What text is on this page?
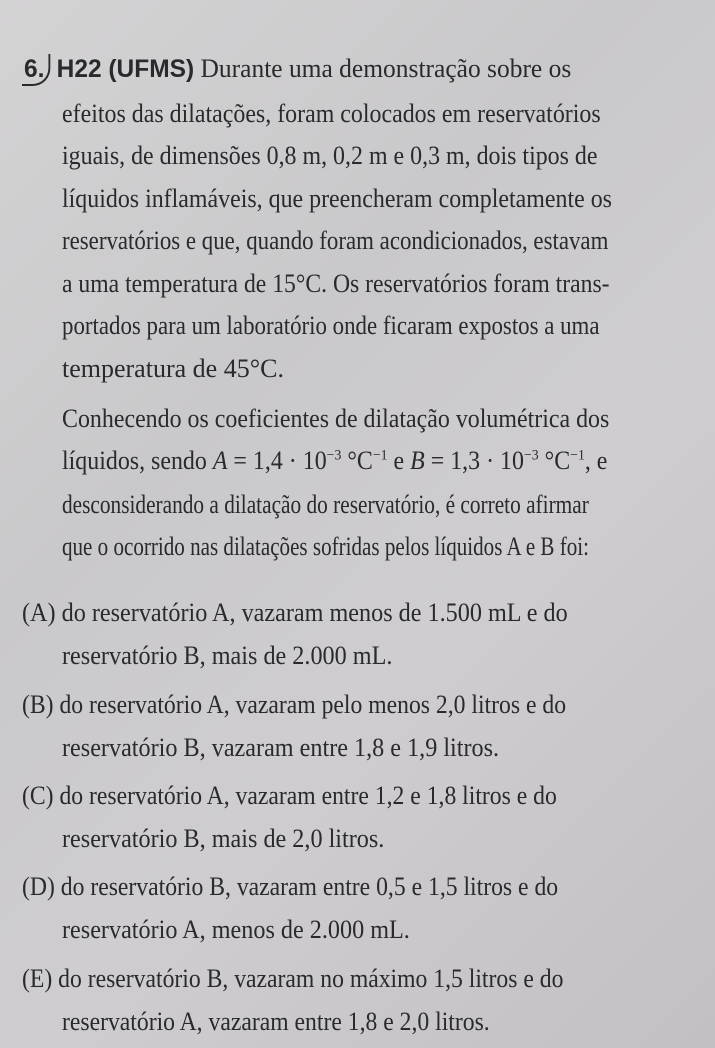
6. H22 (UFMS) Durante uma demonstração sobre os
efeitos das dilatações, foram colocados em reservatórios
iguais, de dimensões 0,8 m, 0,2 m e 0,3 m, dois tipos de
líquidos inflamáveis, que preencheram completamente os
reservatórios e que, quando foram acondicionados, estavam
a uma temperatura de 15°C. Os reservatórios foram trans-
portados para um laboratório onde ficaram expostos a uma
temperatura de 45°C.
Conhecendo os coeficientes de dilatação volumétrica dos
líquidos, sendo $A = 1,4 \cdot 10^{-3}$ $^\circ C^{-1}$ e $B = 1,3 \cdot 10^{-3}$ $^\circ C^{-1}$, e
desconsiderando a dilatação do reservatório, é correto afirmar
que o ocorrido nas dilatações sofridas pelos líquidos A e B foi:
(A) do reservatório A, vazaram menos de 1.500 mL e do
reservatório B, mais de 2.000 mL.
(B) do reservatório A, vazaram pelo menos 2,0 litros e do
reservatório B, vazaram entre 1,8 e 1,9 litros.
(C) do reservatório A, vazaram entre 1,2 e 1,8 litros e do
reservatório B, mais de 2,0 litros.
(D) do reservatório B, vazaram entre 0,5 e 1,5 litros e do
reservatório A, menos de 2.000 mL.
(E) do reservatório B, vazaram no máximo 1,5 litros e do
reservatório A, vazaram entre 1,8 e 2,0 litros.
